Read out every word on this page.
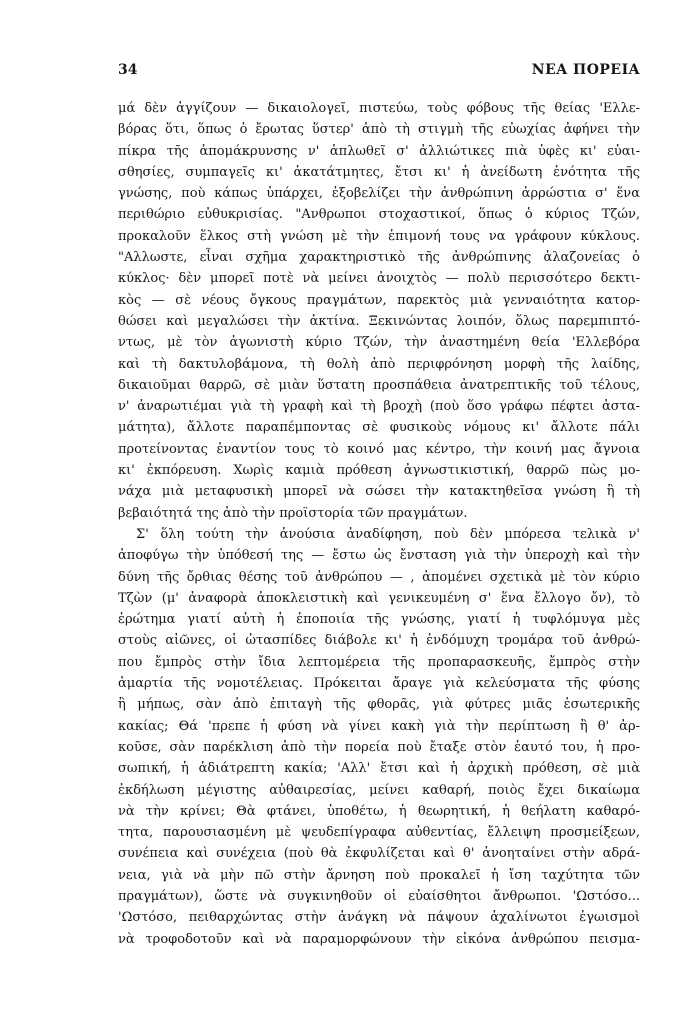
34	ΝΕΑ ΠΟΡΕΙΑ
μά δὲν ἀγγίζουν — δικαιολογεῖ, πιστεύω, τοὺς φόβους τῆς θείας 'Ελλε-
βόρας ὅτι, ὅπως ὁ ἔρωτας ὕστερ' ἀπὸ τὴ στιγμὴ τῆς εὐωχίας ἀφήνει τὴν
πίκρα τῆς ἀπομάκρυνσης ν' ἁπλωθεῖ σ' ἀλλιώτικες πιὰ ὑφὲς κι' εὐαι-
σθησίες, συμπαγεῖς κι' ἀκατάτμητες, ἔτσι κι' ἡ ἀνείδωτη ἑνότητα τῆς
γνώσης, ποὺ κάπως ὑπάρχει, ἐξοβελίζει τὴν ἀνθρώπινη ἀρρώστια σ' ἕνα
περιθώριο εὐθυκρισίας. "Ανθρωποι στοχαστικοί, ὅπως ὁ κύριος Τζών,
προκαλοῦν ἕλκος στὴ γνώση μὲ τὴν ἐπιμονή τους να γράφουν κύκλους.
"Αλλωστε, εἶναι σχῆμα χαρακτηριστικὸ τῆς ἀνθρώπινης ἀλαζονείας ὁ
κύκλος· δὲν μπορεῖ ποτὲ νὰ μείνει ἀνοιχτὸς — πολὺ περισσότερο δεκτι-
κὸς — σὲ νέους ὄγκους πραγμάτων, παρεκτὸς μιὰ γενναιότητα κατορ-
θώσει καὶ μεγαλώσει τὴν ἀκτίνα. Ξεκινώντας λοιπόν, ὅλως παρεμπιπτό-
ντως, μὲ τὸν ἀγωνιστὴ κύριο Τζών, τὴν ἀναστημένη θεία 'Ελλεβόρα
καὶ τὴ δακτυλοβάμονα, τὴ θολὴ ἀπὸ περιφρόνηση μορφὴ τῆς λαίδης,
δικαιοῦμαι θαρρῶ, σὲ μιὰν ὕστατη προσπάθεια ἀνατρεπτικῆς τοῦ τέλους,
ν' ἀναρωτιέμαι γιὰ τὴ γραφὴ καὶ τὴ βροχὴ (ποὺ ὅσο γράφω πέφτει ἀστα-
μάτητα), ἄλλοτε παραπέμποντας σὲ φυσικοὺς νόμους κι' ἄλλοτε πάλι
προτείνοντας ἐναντίον τους τὸ κοινό μας κέντρο, τὴν κοινή μας ἄγνοια
κι' ἐκπόρευση. Χωρὶς καμιὰ πρόθεση ἀγνωστικιστική, θαρρῶ πὼς μο-
νάχα μιὰ μεταφυσικὴ μπορεῖ νὰ σώσει τὴν κατακτηθεῖσα γνώση ἢ τὴ
βεβαιότητά της ἀπὸ τὴν προϊστορία τῶν πραγμάτων.
Σ' ὅλη τούτη τὴν ἀνούσια ἀναδίφηση, ποὺ δὲν μπόρεσα τελικὰ ν'
ἀποφύγω τὴν ὑπόθεσή της — ἔστω ὡς ἔνσταση γιὰ τὴν ὑπεροχὴ καὶ τὴν
δύνη τῆς ὄρθιας θέσης τοῦ ἀνθρώπου — , ἀπομένει σχετικὰ μὲ τὸν κύριο
Τζὼν (μ' ἀναφορὰ ἀποκλειστικὴ καὶ γενικευμένη σ' ἕνα ἔλλογο ὄν), τὸ
ἐρώτημα γιατί αὐτὴ ἡ ἐποποιία τῆς γνώσης, γιατί ἡ τυφλόμυγα μὲς
στοὺς αἰῶνες, οἱ ὠτασπίδες διάβολε κι' ἡ ἐνδόμυχη τρομάρα τοῦ ἀνθρώ-
που ἔμπρὸς στὴν ἴδια λεπτομέρεια τῆς προπαρασκευῆς, ἔμπρὸς στὴν
ἁμαρτία τῆς νομοτέλειας. Πρόκειται ἄραγε γιὰ κελεύσματα τῆς φύσης
ἢ μήπως, σὰν ἀπὸ ἐπιταγὴ τῆς φθορᾶς, γιὰ φύτρες μιᾶς ἐσωτερικῆς
κακίας; Θά 'πρεπε ἡ φύση νὰ γίνει κακὴ γιὰ τὴν περίπτωση ἢ θ' ἀρ-
κοῦσε, σὰν παρέκλιση ἀπὸ τὴν πορεία ποὺ ἔταξε στὸν ἑαυτό του, ἡ προ-
σωπική, ἡ ἀδιάτρεπτη κακία; 'Αλλ' ἔτσι καὶ ἡ ἀρχικὴ πρόθεση, σὲ μιὰ
ἐκδήλωση μέγιστης αὐθαιρεσίας, μείνει καθαρή, ποιὸς ἔχει δικαίωμα
νὰ τὴν κρίνει; Θὰ φτάνει, ὑποθέτω, ἡ θεωρητική, ἡ θεήλατη καθαρό-
τητα, παρουσιασμένη μὲ ψευδεπίγραφα αὐθεντίας, ἔλλειψη προσμείξεων,
συνέπεια καὶ συνέχεια (ποὺ θὰ ἐκφυλίζεται καὶ θ' ἀνοηταίνει στὴν αδρά-
νεια, γιὰ νὰ μὴν πῶ στὴν ἄρνηση ποὺ προκαλεῖ ἡ ἴση ταχύτητα τῶν
πραγμάτων), ὥστε νὰ συγκινηθοῦν οἱ εὐαίσθητοι ἄνθρωποι. 'Ωστόσο...
'Ωστόσο, πειθαρχώντας στὴν ἀνάγκη νὰ πάψουν ἀχαλίνωτοι ἐγωισμοὶ
νὰ τροφοδοτοῦν καὶ νὰ παραμορφώνουν τὴν εἰκόνα ἀνθρώπου πεισμα-
